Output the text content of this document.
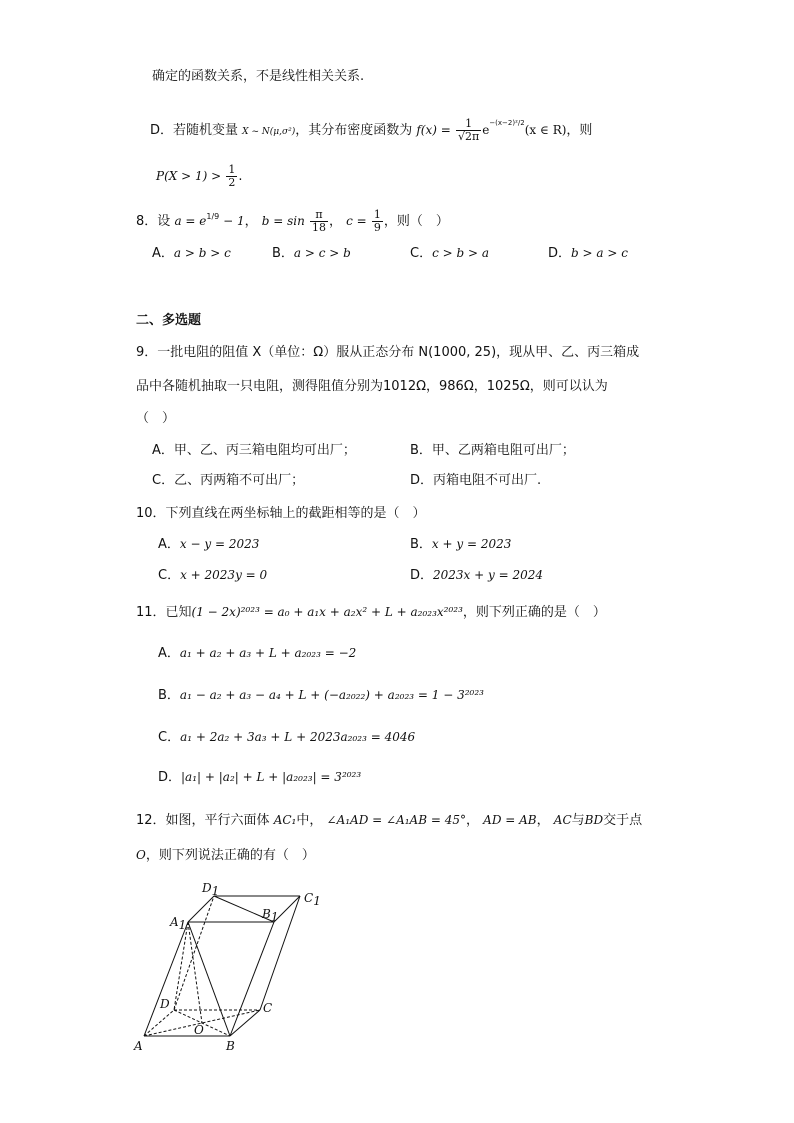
确定的函数关系，不是线性相关关系.
D．若随机变量 X ~ N(μ,σ²)，其分布密度函数为 $f(x) = \frac{1}{√2\pi} e^{-(x-2)^2/2}(x$ ∈ R)，则
$P(X > 1) > \frac{1}{2}$ .
8．设 $a = e^{1/9} - 1$， $b = \sin \frac{\pi}{18}$ ， $c = \frac{1}{9}$ ，则（　）
A．a > b > c	B．a > c > b	C．c > b > a	D．b > a > c
二、多选题
9．一批电阻的阻值 X（单位：Ω）服从正态分布 N(1000, 25)，现从甲、乙、丙三箱成
品中各随机抽取一只电阻，测得阻值分别为1012Ω，986Ω，1025Ω，则可以认为
（　）
A．甲、乙、丙三箱电阻均可出厂；	B．甲、乙两箱电阻可出厂；
C．乙、丙两箱不可出厂；	D．丙箱电阻不可出厂.
10．下列直线在两坐标轴上的截距相等的是（　）
A．x − y = 2023	B．x + y = 2023
C．x + 2023y = 0	D．2023x + y = 2024
11．已知(1 − 2x)²⁰²³ = a₀ + a₁x + a₂x² + L + a₂₀₂₃x²⁰²³，则下列正确的是（　）
A．a₁ + a₂ + a₃ + L + a₂₀₂₃ = −2
B．a₁ − a₂ + a₃ − a₄ + L + (−a₂₀₂₂) + a₂₀₂₃ = 1 − 3²⁰²³
C．a₁ + 2a₂ + 3a₃ + L + 2023a₂₀₂₃ = 4046
D．|a₁| + |a₂| + L + |a₂₀₂₃| = 3²⁰²³
12．如图，平行六面体 AC₁中， ∠A₁AD = ∠A₁AB = 45°， AD = AB， AC与BD交于点
O，则下列说法正确的有（　）
A	B
C
D
O
A1
D1
B1
C1
